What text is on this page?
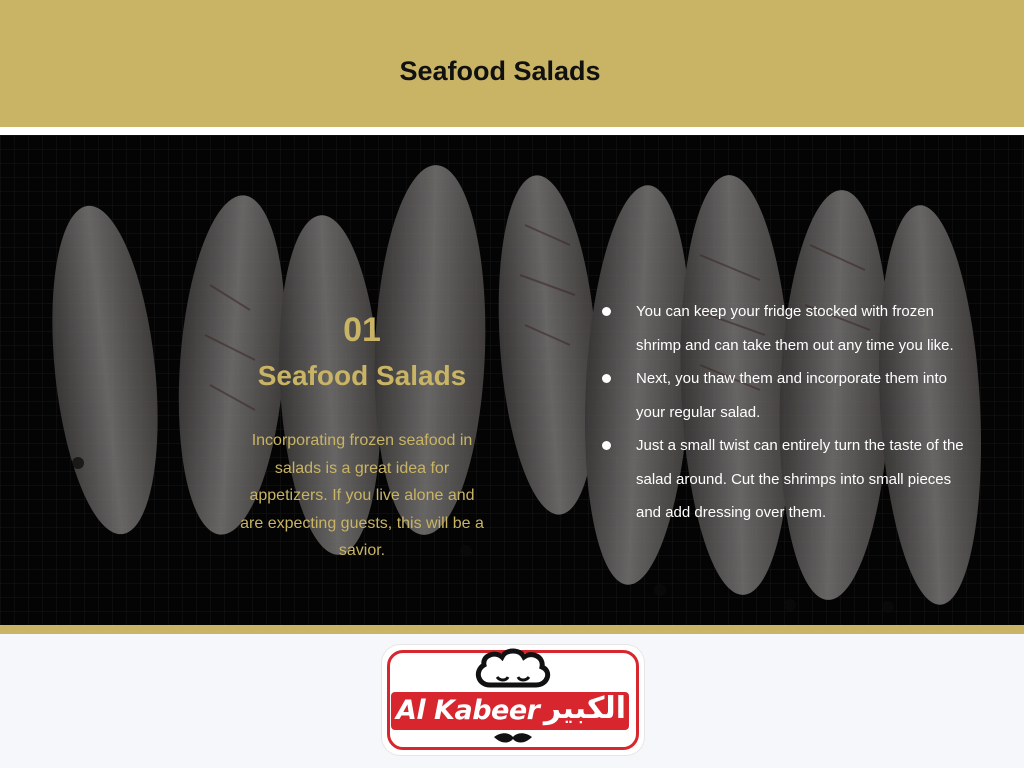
Seafood Salads
01
Seafood Salads
Incorporating frozen seafood in salads is a great idea for appetizers. If you live alone and are expecting guests, this will be a savior.
You can keep your fridge stocked with frozen shrimp and can take them out any time you like.
Next, you thaw them and incorporate them into your regular salad.
Just a small twist can entirely turn the taste of the salad around. Cut the shrimps into small pieces and add dressing over them.
Al Kabeer الكبير
